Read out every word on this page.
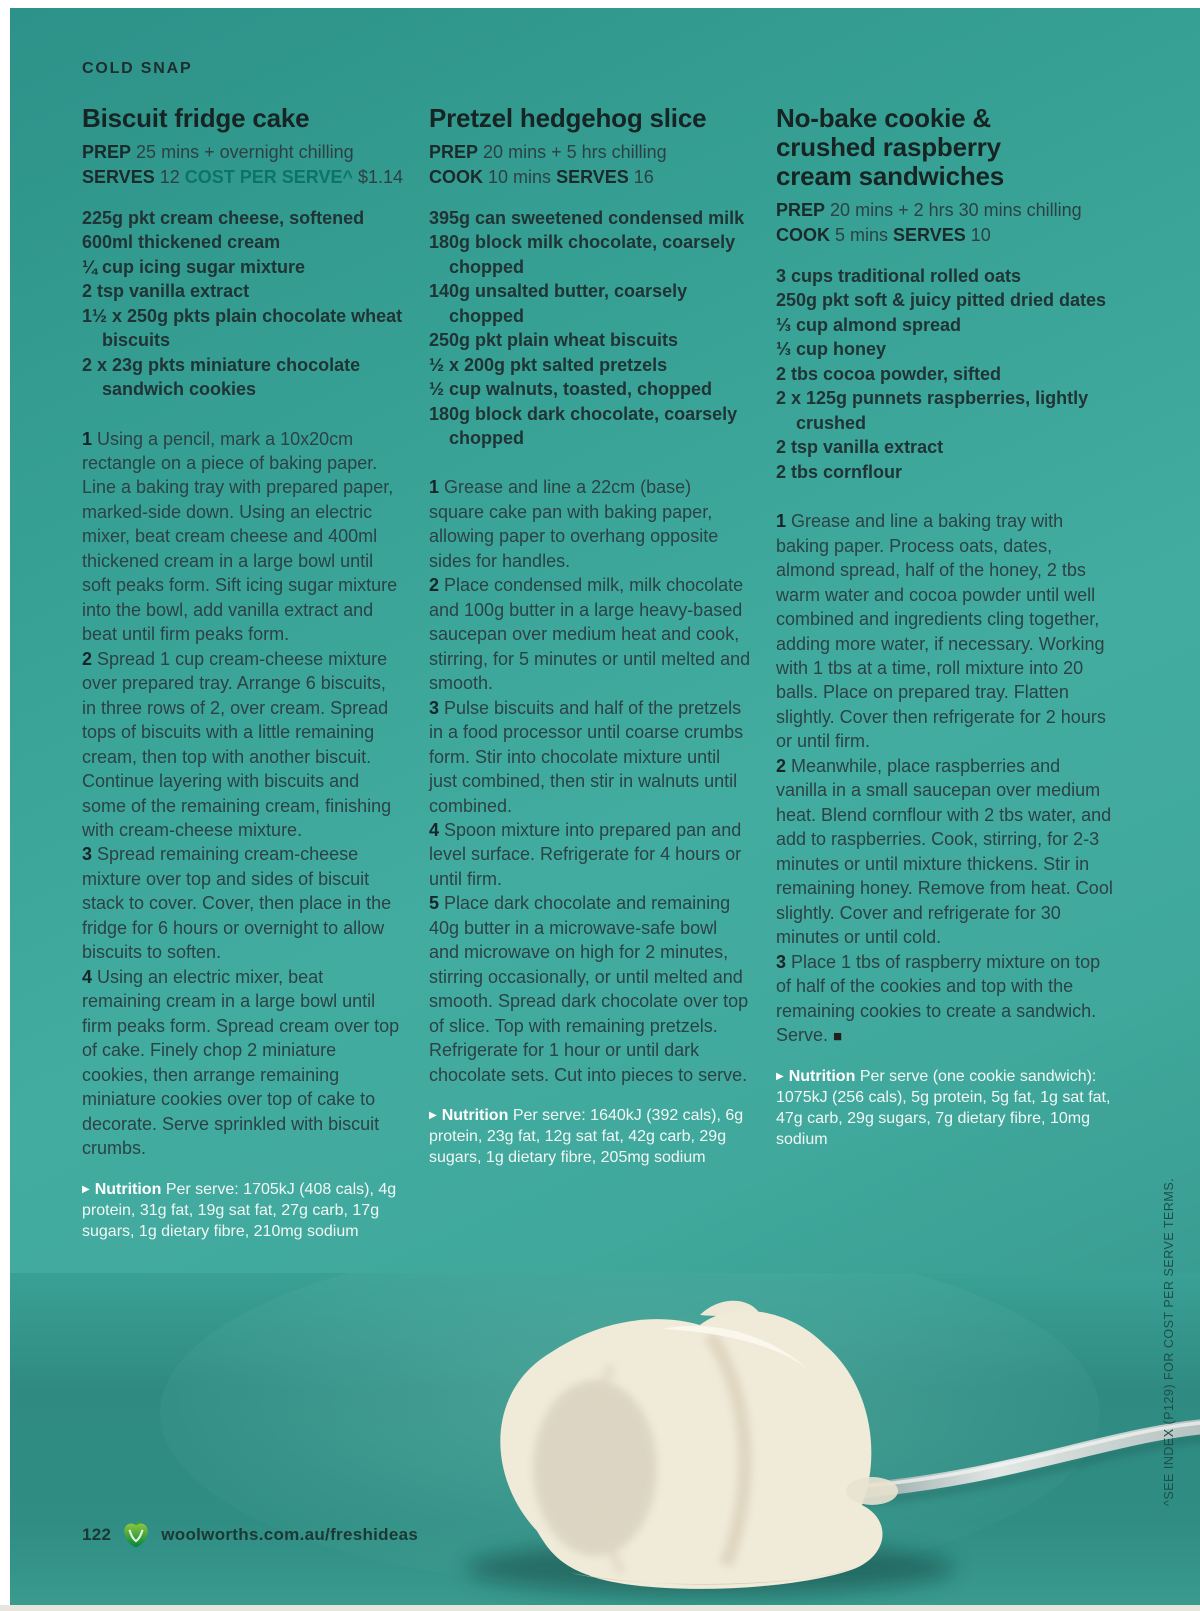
COLD SNAP
Biscuit fridge cake

PREP 25 mins + overnight chilling

SERVES 12 COST PER SERVE^ $1.14

225g pkt cream cheese, softened
600ml thickened cream
¼ cup icing sugar mixture
2 tsp vanilla extract
1½ x 250g pkts plain chocolate wheat biscuits
2 x 23g pkts miniature chocolate sandwich cookies

1 Using a pencil, mark a 10x20cm rectangle on a piece of baking paper. Line a baking tray with prepared paper, marked-side down. Using an electric mixer, beat cream cheese and 400ml thickened cream in a large bowl until soft peaks form. Sift icing sugar mixture into the bowl, add vanilla extract and beat until firm peaks form.

2 Spread 1 cup cream-cheese mixture over prepared tray. Arrange 6 biscuits, in three rows of 2, over cream. Spread tops of biscuits with a little remaining cream, then top with another biscuit. Continue layering with biscuits and some of the remaining cream, finishing with cream-cheese mixture.

3 Spread remaining cream-cheese mixture over top and sides of biscuit stack to cover. Cover, then place in the fridge for 6 hours or overnight to allow biscuits to soften.

4 Using an electric mixer, beat remaining cream in a large bowl until firm peaks form. Spread cream over top of cake. Finely chop 2 miniature cookies, then arrange remaining miniature cookies over top of cake to decorate. Serve sprinkled with biscuit crumbs.

▶ Nutrition Per serve: 1705kJ (408 cals), 4g protein, 31g fat, 19g sat fat, 27g carb, 17g sugars, 1g dietary fibre, 210mg sodium

Pretzel hedgehog slice

PREP 20 mins + 5 hrs chilling

COOK 10 mins SERVES 16

395g can sweetened condensed milk
180g block milk chocolate, coarsely chopped
140g unsalted butter, coarsely chopped
250g pkt plain wheat biscuits
½ x 200g pkt salted pretzels
½ cup walnuts, toasted, chopped
180g block dark chocolate, coarsely chopped

1 Grease and line a 22cm (base) square cake pan with baking paper, allowing paper to overhang opposite sides for handles.

2 Place condensed milk, milk chocolate and 100g butter in a large heavy-based saucepan over medium heat and cook, stirring, for 5 minutes or until melted and smooth.

3 Pulse biscuits and half of the pretzels in a food processor until coarse crumbs form. Stir into chocolate mixture until just combined, then stir in walnuts until combined.

4 Spoon mixture into prepared pan and level surface. Refrigerate for 4 hours or until firm.

5 Place dark chocolate and remaining 40g butter in a microwave-safe bowl and microwave on high for 2 minutes, stirring occasionally, or until melted and smooth. Spread dark chocolate over top of slice. Top with remaining pretzels. Refrigerate for 1 hour or until dark chocolate sets. Cut into pieces to serve.

▶ Nutrition Per serve: 1640kJ (392 cals), 6g protein, 23g fat, 12g sat fat, 42g carb, 29g sugars, 1g dietary fibre, 205mg sodium

No-bake cookie & crushed raspberry cream sandwiches

PREP 20 mins + 2 hrs 30 mins chilling

COOK 5 mins SERVES 10

3 cups traditional rolled oats
250g pkt soft & juicy pitted dried dates
⅓ cup almond spread
⅓ cup honey
2 tbs cocoa powder, sifted
2 x 125g punnets raspberries, lightly crushed
2 tsp vanilla extract
2 tbs cornflour

1 Grease and line a baking tray with baking paper. Process oats, dates, almond spread, half of the honey, 2 tbs warm water and cocoa powder until well combined and ingredients cling together, adding more water, if necessary. Working with 1 tbs at a time, roll mixture into 20 balls. Place on prepared tray. Flatten slightly. Cover then refrigerate for 2 hours or until firm.

2 Meanwhile, place raspberries and vanilla in a small saucepan over medium heat. Blend cornflour with 2 tbs water, and add to raspberries. Cook, stirring, for 2-3 minutes or until mixture thickens. Stir in remaining honey. Remove from heat. Cool slightly. Cover and refrigerate for 30 minutes or until cold.

3 Place 1 tbs of raspberry mixture on top of half of the cookies and top with the remaining cookies to create a sandwich. Serve. ■

▶ Nutrition Per serve (one cookie sandwich): 1075kJ (256 cals), 5g protein, 5g fat, 1g sat fat, 47g carb, 29g sugars, 7g dietary fibre, 10mg sodium

122	woolworths.com.au/freshideas
^SEE INDEX (P129) FOR COST PER SERVE TERMS.
